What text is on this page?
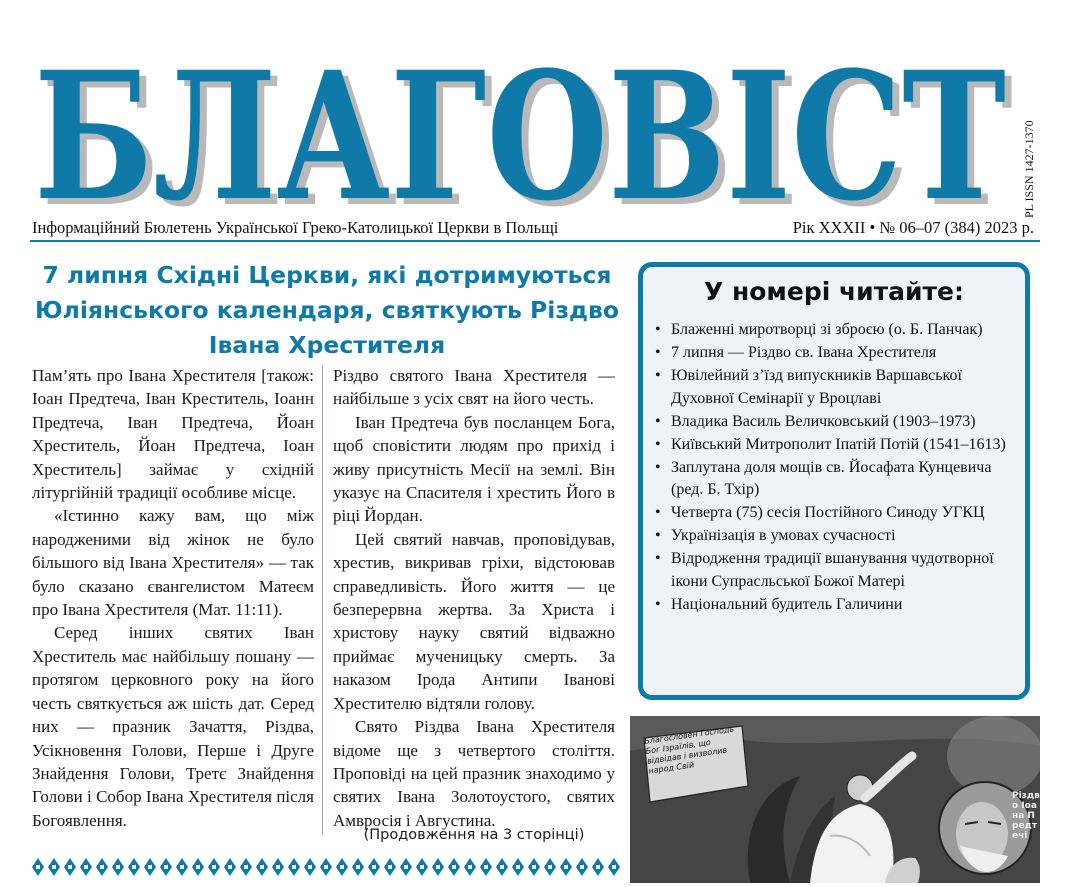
БЛАГОВІСТ
БЛАГОВІСТ PL ISSN 1427-1370
Інформаційний Бюлетень Української Греко-Католицької Церкви в Польщі	Рік XXXII • № 06–07 (384) 2023 р.
7 липня Східні Церкви, які дотримуються Юліянського календаря, святкують Різдво Івана Хрестителя

Пам’ять про Івана Хрестителя [також: Іоан Предтеча, Іван Креститель, Іоанн Предтеча, Іван Предтеча, Йоан Хреститель, Йоан Предтеча, Іоан Хреститель] займає у східній літургійній традиції особливе місце.

«Істинно кажу вам, що між народженими від жінок не було більшого від Івана Хрестителя» — так було сказано євангелистом Матеєм про Івана Хрестителя (Мат. 11:11).

Серед інших святих Іван Хреститель має найбільшу пошану — протягом церковного року на його честь святкується аж шість дат. Серед них — празник Зачаття, Різдва, Усікновення Голови, Перше і Друге Знайдення Голови, Третє Знайдення Голови і Собор Івана Хрестителя після Богоявлення.

Різдво святого Івана Хрестителя — найбільше з усіх свят на його честь.

Іван Предтеча був посланцем Бога, щоб сповістити людям про прихід і живу присутність Месії на землі. Він указує на Спасителя і хрестить Його в ріці Йордан.

Цей святий навчав, проповідував, хрестив, викривав гріхи, відстоював справедливість. Його життя — це безперервна жертва. За Христа і христову науку святий відважно приймає мученицьку смерть. За наказом Ірода Антипи Іванові Хрестителю відтяли голову.

Свято Різдва Івана Хрестителя відоме ще з четвертого століття. Проповіді на цей празник знаходимо у святих Івана Золотоустого, святих Амвросія і Августина.

(Продовження на 3 сторінці)
У номері читайте:
• Блаженні миротворці зі зброєю (о. Б. Панчак)
• 7 липня — Різдво св. Івана Хрестителя
• Ювілейний з’їзд випускників Варшавської Духовної Семінарії у Вроцлаві
• Владика Василь Величковський (1903–1973)
• Київський Митрополит Іпатій Потій (1541–1613)
• Заплутана доля мощів св. Йосафата Кунцевича (ред. Б. Тхір)
• Четверта (75) сесія Постійного Синоду УГКЦ
• Українізація в умовах сучасності
• Відродження традиції вшанування чудотворної ікони Супрасльської Божої Матері
• Національний будитель Галичини
Благословен Господь Бог Ізраїлів, що відвідав і визволив народ Свій
Різдво Іоана Предтечі
